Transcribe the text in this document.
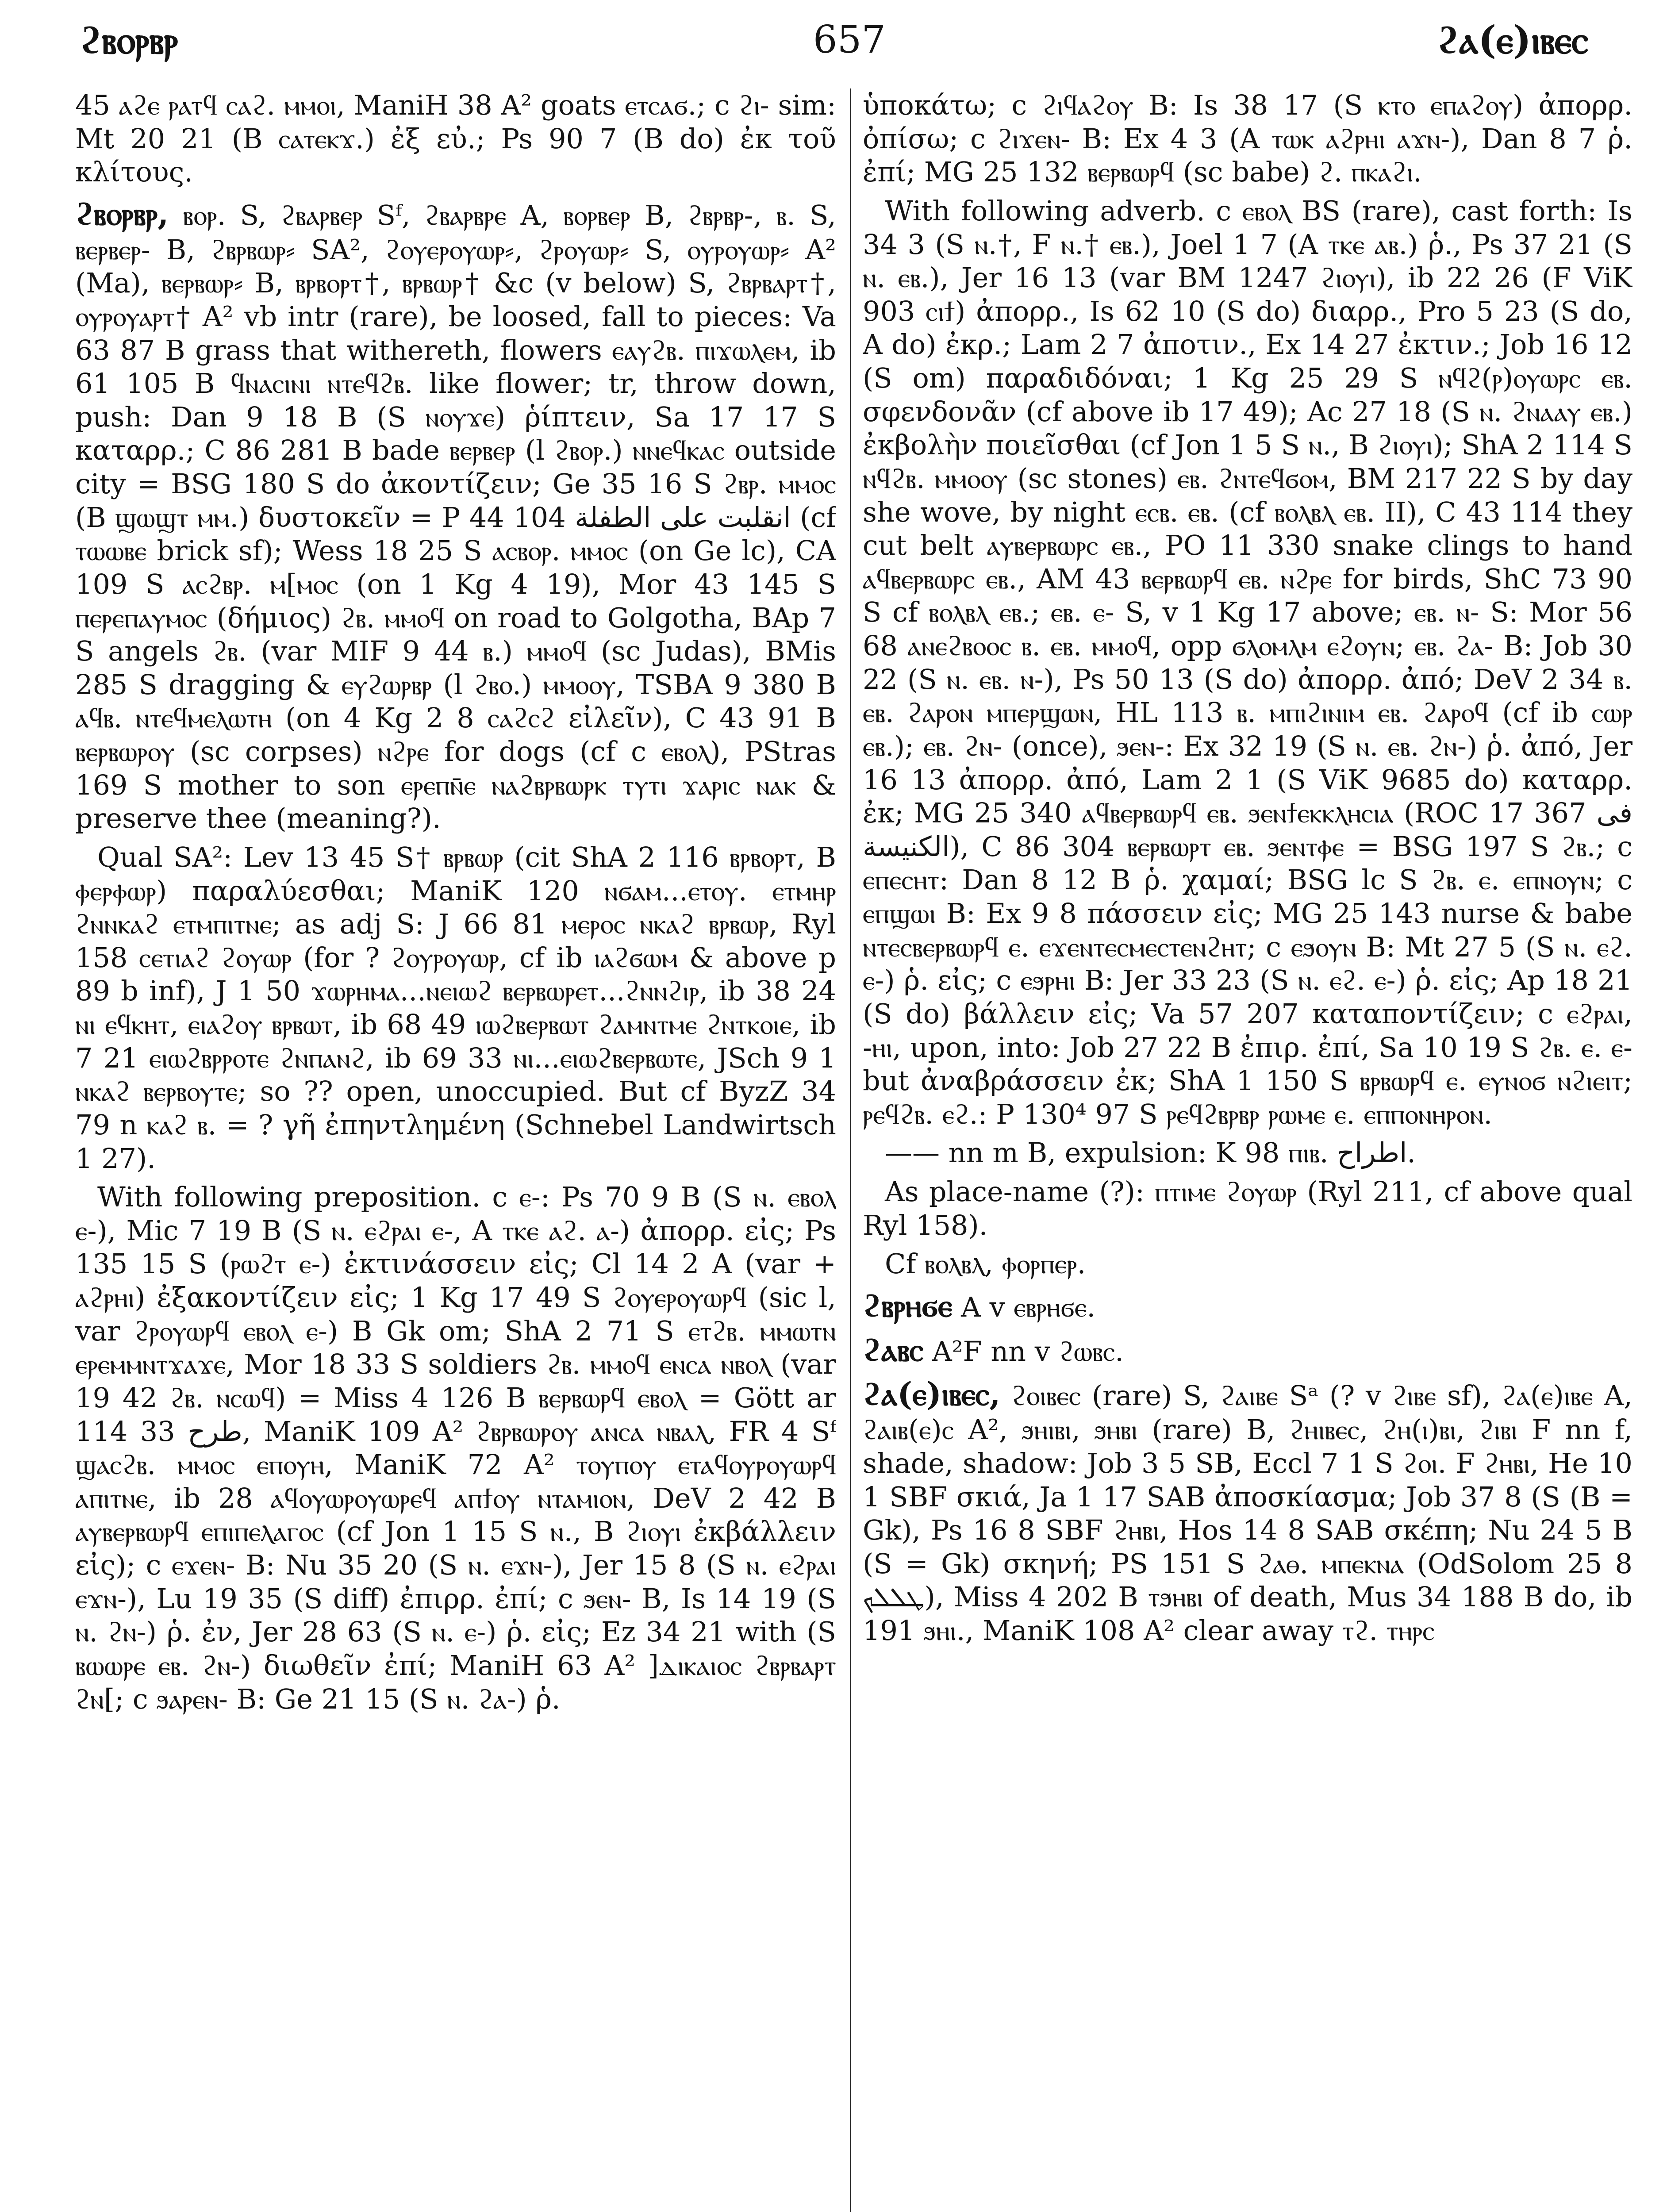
ϩⲃⲟⲣⲃⲣ	657	ϩⲁ(ⲉ)ⲓⲃⲉⲥ

45 ⲁϩⲉ ⲣⲁⲧϥ ⲥⲁϩ. ⲙⲙⲟⲓ, ManiH 38 A² goats ⲉⲧⲥⲁϭ.; c ϩⲓ- sim: Mt 20 21 (B ⲥⲁⲧⲉⲕϫ.) ἐξ εὐ.; Ps 90 7 (B do) ἐκ τοῦ κλίτους.

ϩⲃⲟⲣⲃⲣ, ⲃⲟⲣ. S, ϩⲃⲁⲣⲃⲉⲣ Sᶠ, ϩⲃⲁⲣⲃⲣⲉ A, ⲃⲟⲣⲃⲉⲣ B, ϩⲃⲣⲃⲣ-, ⲃ. S, ⲃⲉⲣⲃⲉⲣ- B, ϩⲃⲣⲃⲱⲣ⸗ SA², ϩⲟⲩⲉⲣⲟⲩⲱⲣ⸗, ϩⲣⲟⲩⲱⲣ⸗ S, ⲟⲩⲣⲟⲩⲱⲣ⸗ A² (Ma), ⲃⲉⲣⲃⲱⲣ⸗ B, ⲃⲣⲃⲟⲣⲧ†, ⲃⲣⲃⲱⲣ† &c (v below) S, ϩⲃⲣⲃⲁⲣⲧ†, ⲟⲩⲣⲟⲩⲁⲣⲧ† A² vb intr (rare), be loosed, fall to pieces: Va 63 87 B grass that withereth, flowers ⲉⲁⲩϩⲃ. ⲡⲓϫⲱⲗⲉⲙ, ib 61 105 B ϥⲛⲁⲥⲓⲛⲓ ⲛⲧⲉϥϩⲃ. like flower; tr, throw down, push: Dan 9 18 B (S ⲛⲟⲩϫⲉ) ῥίπτειν, Sa 17 17 S καταρρ.; C 86 281 B bade ⲃⲉⲣⲃⲉⲣ (l ϩⲃⲟⲣ.) ⲛⲛⲉϥⲕⲁⲥ outside city = BSG 180 S do ἀκοντίζειν; Ge 35 16 S ϩⲃⲣ. ⲙⲙⲟⲥ (B ϣⲱϣⲧ ⲙⲙ.) δυστοκεῖν = P 44 104 انقلبت على الطفلة (cf ⲧⲱⲱⲃⲉ brick sf); Wess 18 25 S ⲁⲥⲃⲟⲣ. ⲙⲙⲟⲥ (on Ge lc), CA 109 S ⲁⲥϩⲃⲣ. ⲙ[ⲙⲟⲥ (on 1 Kg 4 19), Mor 43 145 S ⲡⲉⲣⲉⲡⲁⲩⲙⲟⲥ (δήμιος) ϩⲃ. ⲙⲙⲟϥ on road to Golgotha, BAp 7 S angels ϩⲃ. (var MIF 9 44 ⲃ.) ⲙⲙⲟϥ (sc Judas), BMis 285 S dragging & ⲉⲩϩⲱⲣⲃⲣ (l ϩⲃⲟ.) ⲙⲙⲟⲟⲩ, TSBA 9 380 B ⲁϥⲃ. ⲛⲧⲉϥⲙⲉⲗⲱⲧⲏ (on 4 Kg 2 8 ⲥⲁϩⲥϩ εἰλεῖν), C 43 91 B ⲃⲉⲣⲃⲱⲣⲟⲩ (sc corpses) ⲛϩⲣⲉ for dogs (cf c ⲉⲃⲟⲗ), PStras 169 S mother to son ⲉⲣⲉⲡⲛ̄ⲉ ⲛⲁϩⲃⲣⲃⲱⲣⲕ ⲧⲩⲧⲓ ϫⲁⲣⲓⲥ ⲛⲁⲕ & preserve thee (meaning?).

Qual SA²: Lev 13 45 S† ⲃⲣⲃⲱⲣ (cit ShA 2 116 ⲃⲣⲃⲟⲣⲧ, B ⲫⲉⲣⲫⲱⲣ) παραλύεσθαι; ManiK 120 ⲛϭⲁⲙ...ⲉⲧⲟⲩ. ⲉⲧⲙⲏⲣ ϩⲛⲛⲕⲁϩ ⲉⲧⲙⲡⲓⲧⲛⲉ; as adj S: J 66 81 ⲙⲉⲣⲟⲥ ⲛⲕⲁϩ ⲃⲣⲃⲱⲣ, Ryl 158 ⲥⲉⲧⲓⲁϩ ϩⲟⲩⲱⲣ (for ? ϩⲟⲩⲣⲟⲩⲱⲣ, cf ib ⲓⲁϩϭⲱⲙ & above p 89 b inf), J 1 50 ϫⲱⲣⲏⲙⲁ...ⲛⲉⲓⲱϩ ⲃⲉⲣⲃⲱⲣⲉⲧ...ϩⲛⲛϩⲓⲣ, ib 38 24 ⲛⲓ ⲉϥⲕⲏⲧ, ⲉⲓⲁϩⲟⲩ ⲃⲣⲃⲱⲧ, ib 68 49 ⲓⲱϩⲃⲉⲣⲃⲱⲧ ϩⲁⲙⲛⲧⲙⲉ ϩⲛⲧⲕⲟⲓⲉ, ib 7 21 ⲉⲓⲱϩⲃⲣⲣⲟⲧⲉ ϩⲛⲡⲁⲛϩ, ib 69 33 ⲛⲓ...ⲉⲓⲱϩⲃⲉⲣⲃⲱⲧⲉ, JSch 9 1 ⲛⲕⲁϩ ⲃⲉⲣⲃⲟⲩⲧⲉ; so ?? open, unoccupied. But cf ByzZ 34 79 n ⲕⲁϩ ⲃ. = ? γῆ ἐπηντλημένη (Schnebel Landwirtsch 1 27).

With following preposition. c ⲉ-: Ps 70 9 B (S ⲛ. ⲉⲃⲟⲗ ⲉ-), Mic 7 19 B (S ⲛ. ⲉϩⲣⲁⲓ ⲉ-, A ⲧⲕⲉ ⲁϩ. ⲁ-) ἀπορρ. εἰς; Ps 135 15 S (ⲣⲱϩⲧ ⲉ-) ἐκτινάσσειν εἰς; Cl 14 2 A (var + ⲁϩⲣⲏⲓ) ἐξακοντίζειν εἰς; 1 Kg 17 49 S ϩⲟⲩⲉⲣⲟⲩⲱⲣϥ (sic l, var ϩⲣⲟⲩⲱⲣϥ ⲉⲃⲟⲗ ⲉ-) B Gk om; ShA 2 71 S ⲉⲧϩⲃ. ⲙⲙⲱⲧⲛ ⲉⲣⲉⲙⲙⲛⲧϫⲁϫⲉ, Mor 18 33 S soldiers ϩⲃ. ⲙⲙⲟϥ ⲉⲛⲥⲁ ⲛⲃⲟⲗ (var 19 42 ϩⲃ. ⲛⲥⲱϥ) = Miss 4 126 B ⲃⲉⲣⲃⲱⲣϥ ⲉⲃⲟⲗ = Gött ar 114 33 طرح, ManiK 109 A² ϩⲃⲣⲃⲱⲣⲟⲩ ⲁⲛⲥⲁ ⲛⲃⲁⲗ, FR 4 Sᶠ ϣⲁⲥϩⲃ. ⲙⲙⲟⲥ ⲉⲡⲟⲩⲏ, ManiK 72 A² ⲧⲟⲩⲡⲟⲩ ⲉⲧⲁϥⲟⲩⲣⲟⲩⲱⲣϥ ⲁⲡⲓⲧⲛⲉ, ib 28 ⲁϥⲟⲩⲱⲣⲟⲩⲱⲣⲉϥ ⲁⲡϯⲟⲩ ⲛⲧⲁⲙⲓⲟⲛ, DeV 2 42 B ⲁⲩⲃⲉⲣⲃⲱⲣϥ ⲉⲡⲓⲡⲉⲗⲁⲅⲟⲥ (cf Jon 1 15 S ⲛ., B ϩⲓⲟⲩⲓ ἐκβάλλειν εἰς); c ⲉϫⲉⲛ- B: Nu 35 20 (S ⲛ. ⲉϫⲛ-), Jer 15 8 (S ⲛ. ⲉϩⲣⲁⲓ ⲉϫⲛ-), Lu 19 35 (S diff) ἐπιρρ. ἐπί; c ϧⲉⲛ- B, Is 14 19 (S ⲛ. ϩⲛ-) ῥ. ἐν, Jer 28 63 (S ⲛ. ⲉ-) ῥ. εἰς; Ez 34 21 with (S ⲃⲱⲱⲣⲉ ⲉⲃ. ϩⲛ-) διωθεῖν ἐπί; ManiH 63 A² ]ⲇⲓⲕⲁⲓⲟⲥ ϩⲃⲣⲃⲁⲣⲧ ϩⲛ[; c ϧⲁⲣⲉⲛ- B: Ge 21 15 (S ⲛ. ϩⲁ-) ῥ.

ὑποκάτω; c ϩⲓϥⲁϩⲟⲩ B: Is 38 17 (S ⲕⲧⲟ ⲉⲡⲁϩⲟⲩ) ἀπορρ. ὀπίσω; c ϩⲓϫⲉⲛ- B: Ex 4 3 (A ⲧⲱⲕ ⲁϩⲣⲏⲓ ⲁϫⲛ-), Dan 8 7 ῥ. ἐπί; MG 25 132 ⲃⲉⲣⲃⲱⲣϥ (sc babe) ϩ. ⲡⲕⲁϩⲓ.

With following adverb. c ⲉⲃⲟⲗ BS (rare), cast forth: Is 34 3 (S ⲛ.†, F ⲛ.† ⲉⲃ.), Joel 1 7 (A ⲧⲕⲉ ⲁⲃ.) ῥ., Ps 37 21 (S ⲛ. ⲉⲃ.), Jer 16 13 (var BM 1247 ϩⲓⲟⲩⲓ), ib 22 26 (F ViK 903 ⲥⲓϯ) ἀπορρ., Is 62 10 (S do) διαρρ., Pro 5 23 (S do, A do) ἐκρ.; Lam 2 7 ἀποτιν., Ex 14 27 ἐκτιν.; Job 16 12 (S om) παραδιδόναι; 1 Kg 25 29 S ⲛϥϩ(ⲣ)ⲟⲩⲱⲣⲥ ⲉⲃ. σφενδονᾶν (cf above ib 17 49); Ac 27 18 (S ⲛ. ϩⲛⲁⲁⲩ ⲉⲃ.) ἐκβολὴν ποιεῖσθαι (cf Jon 1 5 S ⲛ., B ϩⲓⲟⲩⲓ); ShA 2 114 S ⲛϥϩⲃ. ⲙⲙⲟⲟⲩ (sc stones) ⲉⲃ. ϩⲛⲧⲉϥϭⲟⲙ, BM 217 22 S by day she wove, by night ⲉⲥⲃ. ⲉⲃ. (cf ⲃⲟⲗⲃⲗ ⲉⲃ. II), C 43 114 they cut belt ⲁⲩⲃⲉⲣⲃⲱⲣⲥ ⲉⲃ., PO 11 330 snake clings to hand ⲁϥⲃⲉⲣⲃⲱⲣⲥ ⲉⲃ., AM 43 ⲃⲉⲣⲃⲱⲣϥ ⲉⲃ. ⲛϩⲣⲉ for birds, ShC 73 90 S cf ⲃⲟⲗⲃⲗ ⲉⲃ.; ⲉⲃ. ⲉ- S, v 1 Kg 17 above; ⲉⲃ. ⲛ- S: Mor 56 68 ⲁⲛⲉϩⲃⲟⲟⲥ ⲃ. ⲉⲃ. ⲙⲙⲟϥ, opp ϭⲗⲟⲙⲗⲙ ⲉϩⲟⲩⲛ; ⲉⲃ. ϩⲁ- B: Job 30 22 (S ⲛ. ⲉⲃ. ⲛ-), Ps 50 13 (S do) ἀπορρ. ἀπό; DeV 2 34 ⲃ. ⲉⲃ. ϩⲁⲣⲟⲛ ⲙⲡⲉⲣϣⲱⲛ, HL 113 ⲃ. ⲙⲡⲓϩⲓⲛⲓⲙ ⲉⲃ. ϩⲁⲣⲟϥ (cf ib ⲥⲱⲣ ⲉⲃ.); ⲉⲃ. ϩⲛ- (once), ϧⲉⲛ-: Ex 32 19 (S ⲛ. ⲉⲃ. ϩⲛ-) ῥ. ἀπό, Jer 16 13 ἀπορρ. ἀπό, Lam 2 1 (S ViK 9685 do) καταρρ. ἐκ; MG 25 340 ⲁϥⲃⲉⲣⲃⲱⲣϥ ⲉⲃ. ϧⲉⲛϯⲉⲕⲕⲗⲏⲥⲓⲁ (ROC 17 367 فی الكنيسة), C 86 304 ⲃⲉⲣⲃⲱⲣⲧ ⲉⲃ. ϧⲉⲛⲧⲫⲉ = BSG 197 S ϩⲃ.; c ⲉⲡⲉⲥⲏⲧ: Dan 8 12 B ῥ. χαμαί; BSG lc S ϩⲃ. ⲉ. ⲉⲡⲛⲟⲩⲛ; c ⲉⲡϣⲱⲓ B: Ex 9 8 πάσσειν εἰς; MG 25 143 nurse & babe ⲛⲧⲉⲥⲃⲉⲣⲃⲱⲣϥ ⲉ. ⲉϫⲉⲛⲧⲉⲥⲙⲉⲥⲧⲉⲛϩⲏⲧ; c ⲉϧⲟⲩⲛ B: Mt 27 5 (S ⲛ. ⲉϩ. ⲉ-) ῥ. εἰς; c ⲉϧⲣⲏⲓ B: Jer 33 23 (S ⲛ. ⲉϩ. ⲉ-) ῥ. εἰς; Ap 18 21 (S do) βάλλειν εἰς; Va 57 207 καταποντίζειν; c ⲉϩⲣⲁⲓ, -ⲏⲓ, upon, into: Job 27 22 B ἐπιρ. ἐπί, Sa 10 19 S ϩⲃ. ⲉ. ⲉ- but ἀναβράσσειν ἐκ; ShA 1 150 S ⲃⲣⲃⲱⲣϥ ⲉ. ⲉⲩⲛⲟϭ ⲛϩⲓⲉⲓⲧ; ⲣⲉϥϩⲃ. ⲉϩ.: P 130⁴ 97 S ⲣⲉϥϩⲃⲣⲃⲣ ⲣⲱⲙⲉ ⲉ. ⲉⲡⲡⲟⲛⲏⲣⲟⲛ.

—— nn m B, expulsion: K 98 ⲡⲓⲃ. اطراح.

As place-name (?): ⲡⲧⲓⲙⲉ ϩⲟⲩⲱⲣ (Ryl 211, cf above qual Ryl 158).

Cf ⲃⲟⲗⲃⲗ, ⲫⲟⲣⲡⲉⲣ.

ϩⲃⲣⲏϭⲉ A v ⲉⲃⲣⲏϭⲉ.

ϩⲁⲃⲥ A²F nn v ϩⲱⲃⲥ.

ϩⲁ(ⲉ)ⲓⲃⲉⲥ, ϩⲟⲓⲃⲉⲥ (rare) S, ϩⲁⲓⲃⲉ Sᵃ (? v ϩⲓⲃⲉ sf), ϩⲁ(ⲉ)ⲓⲃⲉ A, ϩⲁⲓⲃ(ⲉ)ⲥ A², ϧⲏⲓⲃⲓ, ϧⲏⲃⲓ (rare) B, ϩⲏⲓⲃⲉⲥ, ϩⲏ(ⲓ)ⲃⲓ, ϩⲓⲃⲓ F nn f, shade, shadow: Job 3 5 SB, Eccl 7 1 S ϩⲟⲓ. F ϩⲏⲃⲓ, He 10 1 SBF σκιά, Ja 1 17 SAB ἀποσκίασμα; Job 37 8 (S (B = Gk), Ps 16 8 SBF ϩⲏⲃⲓ, Hos 14 8 SAB σκέπη; Nu 24 5 B (S = Gk) σκηνή; PS 151 S ϩⲁⲑ. ⲙⲡⲉⲕⲛⲁ (OdSolom 25 8 ܛܠܠܟ), Miss 4 202 B ⲧϧⲏⲃⲓ of death, Mus 34 188 B do, ib 191 ϧⲏⲓ., ManiK 108 A² clear away ⲧϩ. ⲧⲏⲣⲥ
